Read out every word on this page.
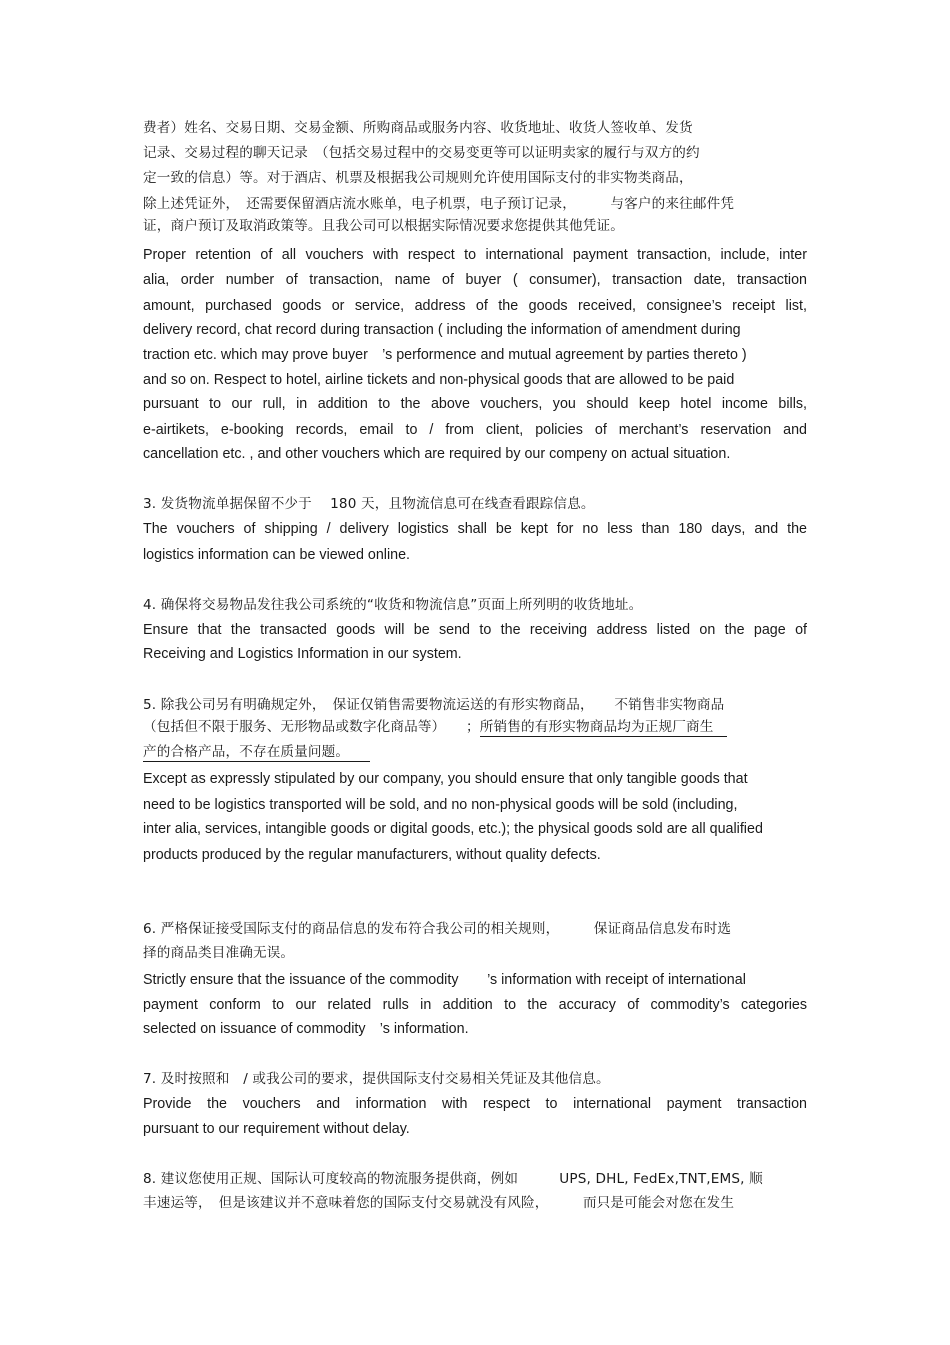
费者）姓名、交易日期、交易金额、所购商品或服务内容、收货地址、收货人签收单、发货
记录、交易过程的聊天记录　（包括交易过程中的交易变更等可以证明卖家的履行与双方的约
定一致的信息）等。对于酒店、机票及根据我公司规则允许使用国际支付的非实物类商品，
除上述凭证外，　还需要保留酒店流水账单，电子机票，电子预订记录，　　　与客户的来往邮件凭
证，商户预订及取消政策等。且我公司可以根据实际情况要求您提供其他凭证。
Proper retention of all vouchers with respect to international payment transaction, include, inter
alia, order number of transaction, name of buyer ( consumer), transaction date, transaction
amount, purchased goods or service, address of the goods received, consignee’s receipt list,
delivery record, chat record during transaction ( including the information of amendment during
traction etc. which may prove buyer　’s performence and mutual agreement by parties thereto )
and so on. Respect to hotel, airline tickets and non-physical goods that are allowed to be paid
pursuant to our rull, in addition to the above vouchers, you should keep hotel income bills,
e-airtikets, e-booking records, email to / from client, policies of merchant’s reservation and
cancellation etc. , and other vouchers which are required by our compeny on actual situation.
3. 发货物流单据保留不少于　 180 天，且物流信息可在线查看跟踪信息。
The vouchers of shipping / delivery logistics shall be kept for no less than 180 days, and the
logistics information can be viewed online.
4. 确保将交易物品发往我公司系统的“收货和物流信息”页面上所列明的收货地址。
Ensure that the transacted goods will be send to the receiving address listed on the page of
Receiving and Logistics Information in our system.
5. 除我公司另有明确规定外，　保证仅销售需要物流运送的有形实物商品，　　不销售非实物商品
（包括但不限于服务、无形物品或数字化商品等）　　；所销售的有形实物商品均为正规厂商生　
产的合格产品，不存在质量问题。　　
Except as expressly stipulated by our company, you should ensure that only tangible goods that
need to be logistics transported will be sold, and no non-physical goods will be sold (including,
inter alia, services, intangible goods or digital goods, etc.); the physical goods sold are all qualified
products produced by the regular manufacturers, without quality defects.
6. 严格保证接受国际支付的商品信息的发布符合我公司的相关规则，　　　保证商品信息发布时选
择的商品类目准确无误。
Strictly ensure that the issuance of the commodity　　’s information with receipt of international
payment conform to our related rulls in addition to the accuracy of commodity’s categories
selected on issuance of commodity　’s information.
7. 及时按照和　/ 或我公司的要求，提供国际支付交易相关凭证及其他信息。
Provide the vouchers and information with respect to international payment transaction
pursuant to our requirement without delay.
8. 建议您使用正规、国际认可度较高的物流服务提供商，例如　　　UPS, DHL, FedEx,TNT,EMS, 顺
丰速运等，　但是该建议并不意味着您的国际支付交易就没有风险，　　　而只是可能会对您在发生
